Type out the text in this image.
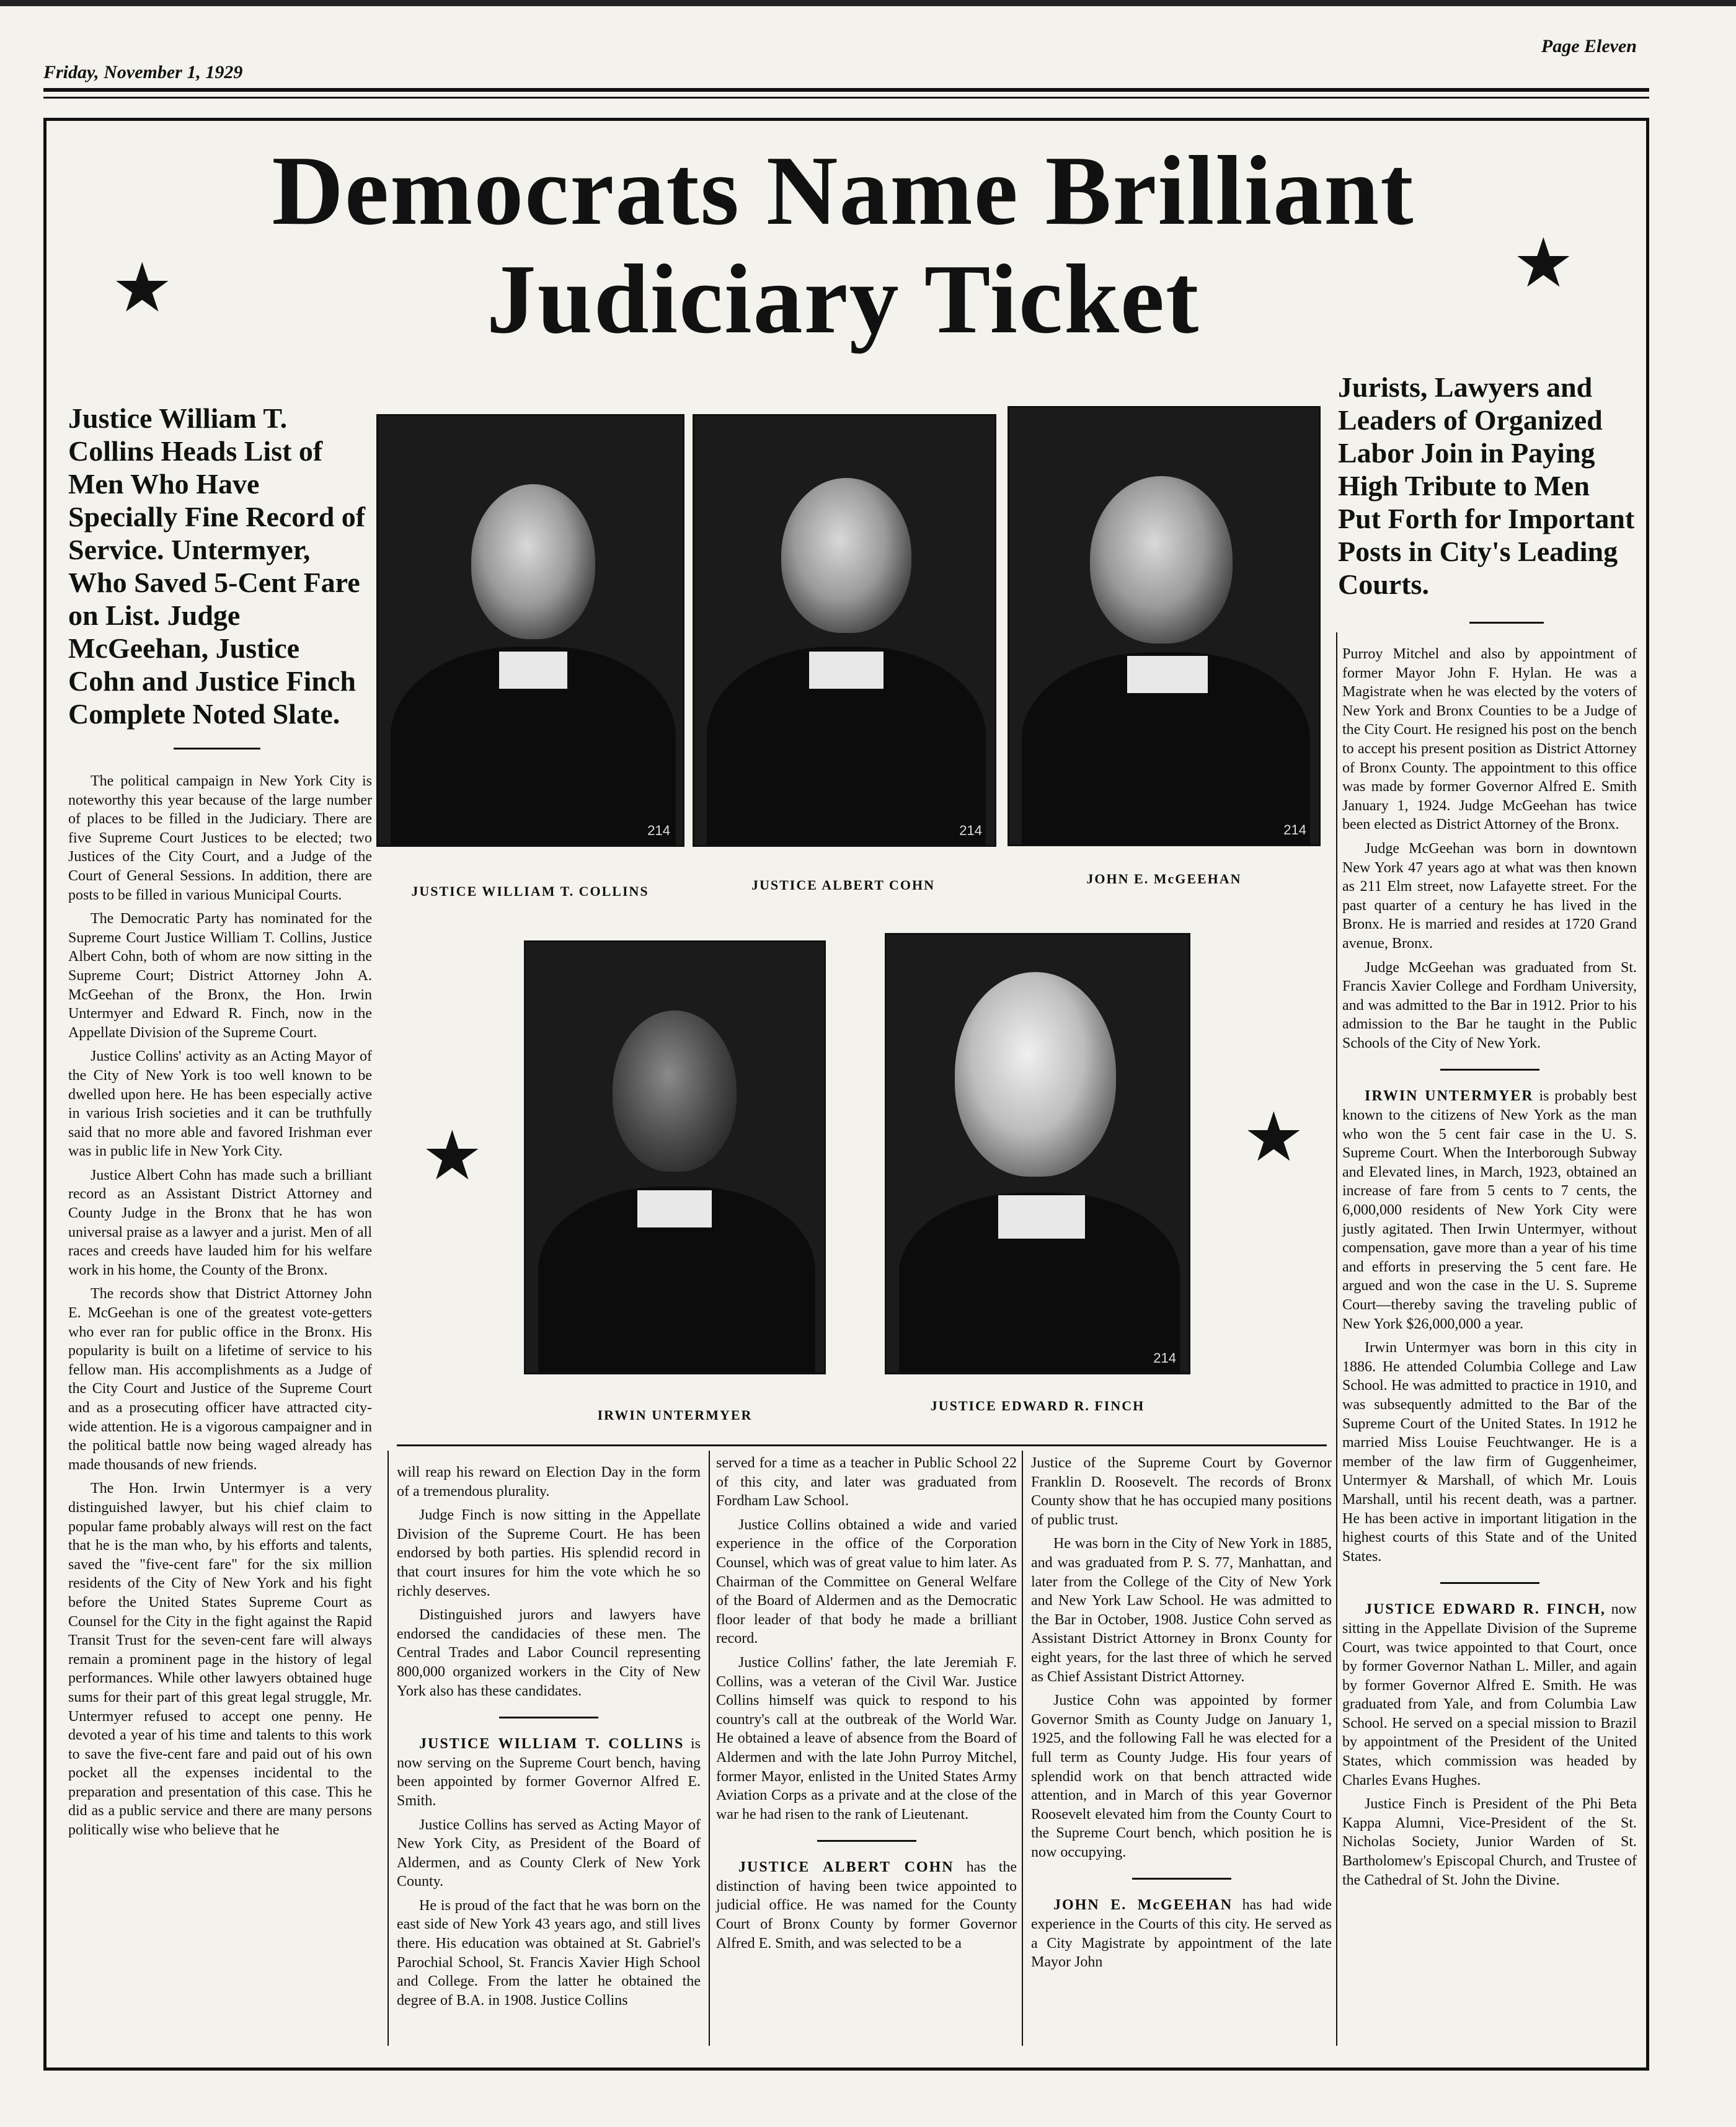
Friday, November 1, 1929
Page Eleven
Democrats Name Brilliant
Judiciary Ticket
★	★
Justice William T. Collins Heads List of Men Who Have Specially Fine Record of Service. Untermyer, Who Saved 5-Cent Fare on List. Judge McGeehan, Justice Cohn and Justice Finch Complete Noted Slate.
Jurists, Lawyers and Leaders of Organized Labor Join in Paying High Tribute to Men Put Forth for Important Posts in City's Leading Courts.
214
JUSTICE WILLIAM T. COLLINS
214
JUSTICE ALBERT COHN
214
JOHN E. McGEEHAN
IRWIN UNTERMYER
214
JUSTICE EDWARD R. FINCH
★	★

The political campaign in New York City is noteworthy this year because of the large number of places to be filled in the Judiciary. There are five Supreme Court Justices to be elected; two Justices of the City Court, and a Judge of the Court of General Sessions. In addition, there are posts to be filled in various Municipal Courts.

The Democratic Party has nominated for the Supreme Court Justice William T. Collins, Justice Albert Cohn, both of whom are now sitting in the Supreme Court; District Attorney John A. McGeehan of the Bronx, the Hon. Irwin Untermyer and Edward R. Finch, now in the Appellate Division of the Supreme Court.

Justice Collins' activity as an Acting Mayor of the City of New York is too well known to be dwelled upon here. He has been especially active in various Irish societies and it can be truthfully said that no more able and favored Irishman ever was in public life in New York City.

Justice Albert Cohn has made such a brilliant record as an Assistant District Attorney and County Judge in the Bronx that he has won universal praise as a lawyer and a jurist. Men of all races and creeds have lauded him for his welfare work in his home, the County of the Bronx.

The records show that District Attorney John E. McGeehan is one of the greatest vote-getters who ever ran for public office in the Bronx. His popularity is built on a lifetime of service to his fellow man. His accomplishments as a Judge of the City Court and Justice of the Supreme Court and as a prosecuting officer have attracted city-wide attention. He is a vigorous campaigner and in the political battle now being waged already has made thousands of new friends.

The Hon. Irwin Untermyer is a very distinguished lawyer, but his chief claim to popular fame probably always will rest on the fact that he is the man who, by his efforts and talents, saved the "five-cent fare" for the six million residents of the City of New York and his fight before the United States Supreme Court as Counsel for the City in the fight against the Rapid Transit Trust for the seven-cent fare will always remain a prominent page in the history of legal performances. While other lawyers obtained huge sums for their part of this great legal struggle, Mr. Untermyer refused to accept one penny. He devoted a year of his time and talents to this work to save the five-cent fare and paid out of his own pocket all the expenses incidental to the preparation and presentation of this case. This he did as a public service and there are many persons politically wise who believe that he

will reap his reward on Election Day in the form of a tremendous plurality.

Judge Finch is now sitting in the Appellate Division of the Supreme Court. He has been endorsed by both parties. His splendid record in that court insures for him the vote which he so richly deserves.

Distinguished jurors and lawyers have endorsed the candidacies of these men. The Central Trades and Labor Council representing 800,000 organized workers in the City of New York also has these candidates.

JUSTICE WILLIAM T. COLLINS is now serving on the Supreme Court bench, having been appointed by former Governor Alfred E. Smith.

Justice Collins has served as Acting Mayor of New York City, as President of the Board of Aldermen, and as County Clerk of New York County.

He is proud of the fact that he was born on the east side of New York 43 years ago, and still lives there. His education was obtained at St. Gabriel's Parochial School, St. Francis Xavier High School and College. From the latter he obtained the degree of B.A. in 1908. Justice Collins

served for a time as a teacher in Public School 22 of this city, and later was graduated from Fordham Law School.

Justice Collins obtained a wide and varied experience in the office of the Corporation Counsel, which was of great value to him later. As Chairman of the Committee on General Welfare of the Board of Aldermen and as the Democratic floor leader of that body he made a brilliant record.

Justice Collins' father, the late Jeremiah F. Collins, was a veteran of the Civil War. Justice Collins himself was quick to respond to his country's call at the outbreak of the World War. He obtained a leave of absence from the Board of Aldermen and with the late John Purroy Mitchel, former Mayor, enlisted in the United States Army Aviation Corps as a private and at the close of the war he had risen to the rank of Lieutenant.

JUSTICE ALBERT COHN has the distinction of having been twice appointed to judicial office. He was named for the County Court of Bronx County by former Governor Alfred E. Smith, and was selected to be a

Justice of the Supreme Court by Governor Franklin D. Roosevelt. The records of Bronx County show that he has occupied many positions of public trust.

He was born in the City of New York in 1885, and was graduated from P. S. 77, Manhattan, and later from the College of the City of New York and New York Law School. He was admitted to the Bar in October, 1908. Justice Cohn served as Assistant District Attorney in Bronx County for eight years, for the last three of which he served as Chief Assistant District Attorney.

Justice Cohn was appointed by former Governor Smith as County Judge on January 1, 1925, and the following Fall he was elected for a full term as County Judge. His four years of splendid work on that bench attracted wide attention, and in March of this year Governor Roosevelt elevated him from the County Court to the Supreme Court bench, which position he is now occupying.

JOHN E. McGEEHAN has had wide experience in the Courts of this city. He served as a City Magistrate by appointment of the late Mayor John

Purroy Mitchel and also by appointment of former Mayor John F. Hylan. He was a Magistrate when he was elected by the voters of New York and Bronx Counties to be a Judge of the City Court. He resigned his post on the bench to accept his present position as District Attorney of Bronx County. The appointment to this office was made by former Governor Alfred E. Smith January 1, 1924. Judge McGeehan has twice been elected as District Attorney of the Bronx.

Judge McGeehan was born in downtown New York 47 years ago at what was then known as 211 Elm street, now Lafayette street. For the past quarter of a century he has lived in the Bronx. He is married and resides at 1720 Grand avenue, Bronx.

Judge McGeehan was graduated from St. Francis Xavier College and Fordham University, and was admitted to the Bar in 1912. Prior to his admission to the Bar he taught in the Public Schools of the City of New York.

IRWIN UNTERMYER is probably best known to the citizens of New York as the man who won the 5 cent fair case in the U. S. Supreme Court. When the Interborough Subway and Elevated lines, in March, 1923, obtained an increase of fare from 5 cents to 7 cents, the 6,000,000 residents of New York City were justly agitated. Then Irwin Untermyer, without compensation, gave more than a year of his time and efforts in preserving the 5 cent fare. He argued and won the case in the U. S. Supreme Court—thereby saving the traveling public of New York $26,000,000 a year.

Irwin Untermyer was born in this city in 1886. He attended Columbia College and Law School. He was admitted to practice in 1910, and was subsequently admitted to the Bar of the Supreme Court of the United States. In 1912 he married Miss Louise Feuchtwanger. He is a member of the law firm of Guggenheimer, Untermyer & Marshall, of which Mr. Louis Marshall, until his recent death, was a partner. He has been active in important litigation in the highest courts of this State and of the United States.

JUSTICE EDWARD R. FINCH, now sitting in the Appellate Division of the Supreme Court, was twice appointed to that Court, once by former Governor Nathan L. Miller, and again by former Governor Alfred E. Smith. He was graduated from Yale, and from Columbia Law School. He served on a special mission to Brazil by appointment of the President of the United States, which commission was headed by Charles Evans Hughes.

Justice Finch is President of the Phi Beta Kappa Alumni, Vice-President of the St. Nicholas Society, Junior Warden of St. Bartholomew's Episcopal Church, and Trustee of the Cathedral of St. John the Divine.
